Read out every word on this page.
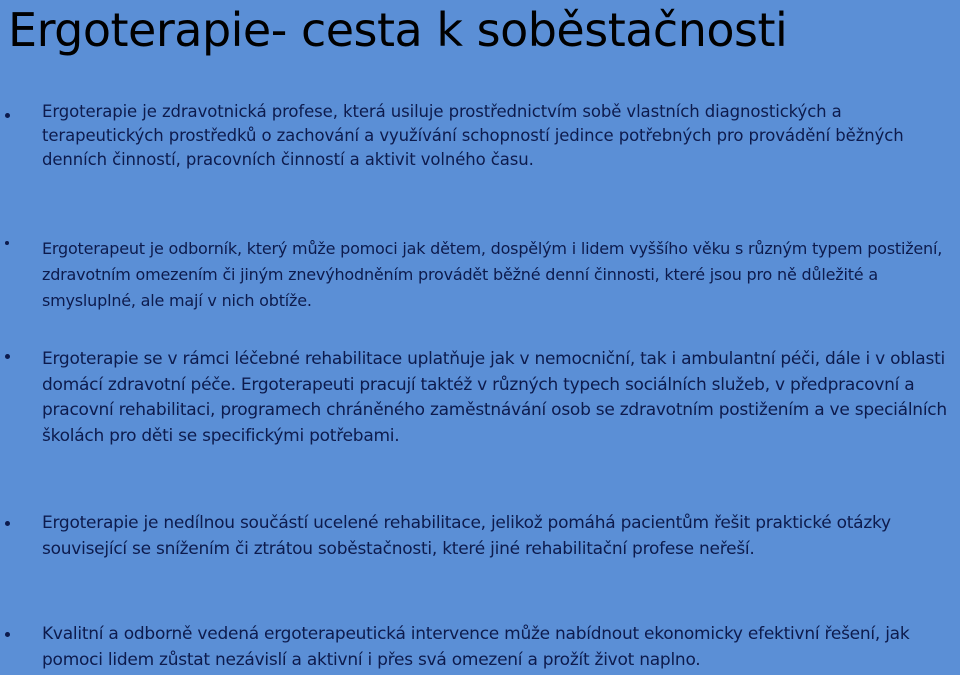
Ergoterapie- cesta k soběstačnosti

Ergoterapie je zdravotnická profese, která usiluje prostřednictvím sobě vlastních diagnostických a terapeutických prostředků o zachování a využívání schopností jedince potřebných pro provádění běžných denních činností, pracovních činností a aktivit volného času.

Ergoterapeut je odborník, který může pomoci jak dětem, dospělým i lidem vyššího věku s různým typem postižení, zdravotním omezením či jiným znevýhodněním provádět běžné denní činnosti, které jsou pro ně důležité a smysluplné, ale mají v nich obtíže.

Ergoterapie se v rámci léčebné rehabilitace uplatňuje jak v nemocniční, tak i ambulantní péči, dále i v oblasti domácí zdravotní péče. Ergoterapeuti pracují taktéž v různých typech sociálních služeb, v předpracovní a pracovní rehabilitaci, programech chráněného zaměstnávání osob se zdravotním postižením a ve speciálních školách pro děti se specifickými potřebami.

Ergoterapie je nedílnou součástí ucelené rehabilitace, jelikož pomáhá pacientům řešit praktické otázky související se snížením či ztrátou soběstačnosti, které jiné rehabilitační profese neřeší.

Kvalitní a odborně vedená ergoterapeutická intervence může nabídnout ekonomicky efektivní řešení, jak pomoci lidem zůstat nezávislí a aktivní i přes svá omezení a prožít život naplno.
